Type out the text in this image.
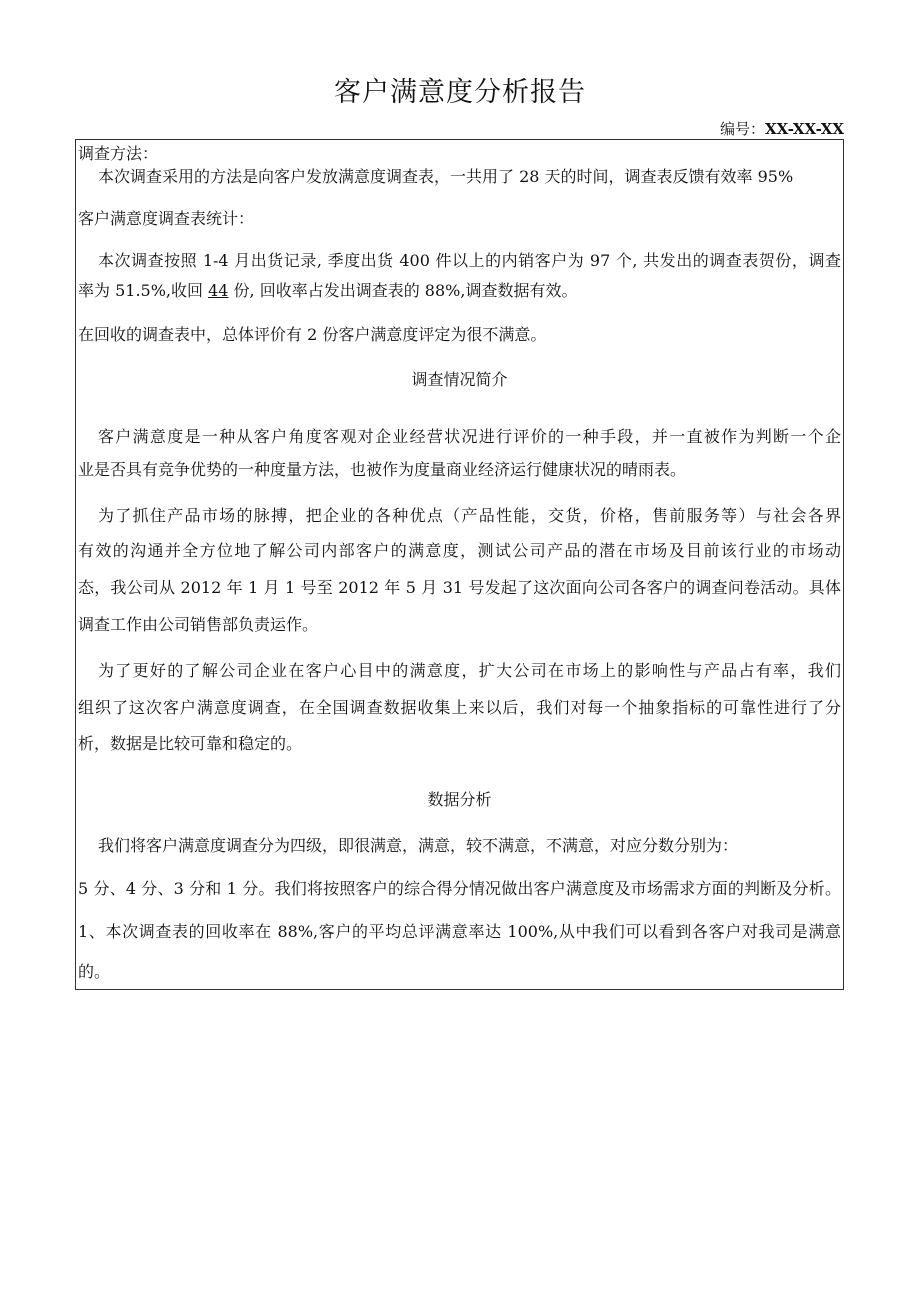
客户满意度分析报告
编号：XX-XX-XX
调查方法：
本次调查采用的方法是向客户发放满意度调查表，一共用了 28 天的时间，调查表反馈有效率 95%
客户满意度调查表统计：
本次调查按照 1-4 月出货记录, 季度出货 400 件以上的内销客户为 97 个, 共发出的调查表贺份，调查
率为 51.5%,收回 44 份, 回收率占发出调查表的 88%,调查数据有效。
在回收的调查表中，总体评价有 2 份客户满意度评定为很不满意。
调查情况简介
客户满意度是一种从客户角度客观对企业经营状况进行评价的一种手段，并一直被作为判断一个企
业是否具有竞争优势的一种度量方法，也被作为度量商业经济运行健康状况的晴雨表。
为了抓住产品市场的脉搏，把企业的各种优点（产品性能，交货，价格，售前服务等）与社会各界
有效的沟通并全方位地了解公司内部客户的满意度，测试公司产品的潜在市场及目前该行业的市场动
态，我公司从 2012 年 1 月 1 号至 2012 年 5 月 31 号发起了这次面向公司各客户的调查问卷活动。具体
调查工作由公司销售部负责运作。
为了更好的了解公司企业在客户心目中的满意度，扩大公司在市场上的影响性与产品占有率，我们
组织了这次客户满意度调查，在全国调查数据收集上来以后，我们对每一个抽象指标的可靠性进行了分
析，数据是比较可靠和稳定的。
数据分析
我们将客户满意度调查分为四级，即很满意，满意，较不满意，不满意，对应分数分别为：
5 分、4 分、3 分和 1 分。我们将按照客户的综合得分情况做出客户满意度及市场需求方面的判断及分析。
1、本次调查表的回收率在 88%,客户的平均总评满意率达 100%,从中我们可以看到各客户对我司是满意
的。
